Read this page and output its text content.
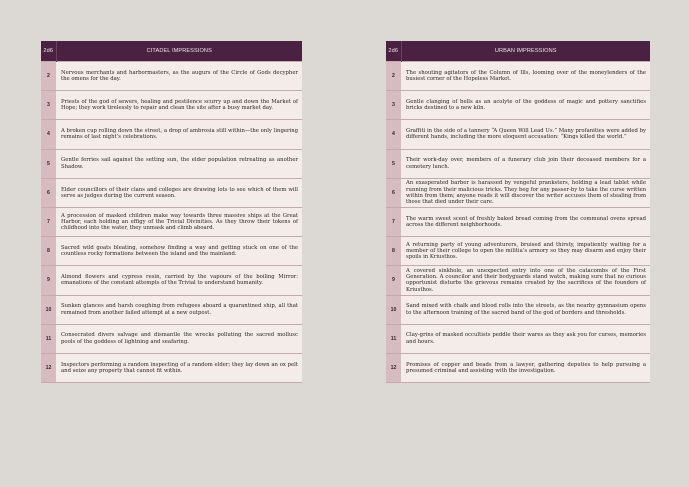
2d6	CITADEL IMPRESSIONS
2	Nervous merchants and harbormasters, as the augurs of the Circle of Gods decypher the omens for the day.
3	Priests of the god of sewers, healing and pestilence scurry up and down the Market of Hope; they work tirelessly to repair and clean the site after a busy market day.
4	A broken cup rolling down the street, a drop of ambrosia still within—the only lingering remains of last night’s celebrations.
5	Gentle ferries sail against the setting sun, the elder population retreating as another Shadow.
6	Elder councillors of their clans and colleges are drawing lots to see which of them will serve as judges during the current season.
7	A procession of masked children make way towards three massive ships at the Great Harbor, each holding an effigy of the Trivial Divinities. As they throw their tokens of childhood into the water, they unmask and climb aboard.
8	Sacred wild goats bleating, somehow finding a way and getting stuck on one of the countless rocky formations between the island and the mainland.
9	Almond flowers and cypress resin, carried by the vapours of the boiling Mirror: emanations of the constant attempts of the Trivial to understand humanity.
10	Sunken glances and harsh coughing from refugees aboard a quarantined ship, all that remained from another failed attempt at a new outpost.
11	Consecrated divers salvage and dismantle the wrecks polluting the sacred mollusc pools of the goddess of lightning and seafaring.
12	Inspectors performing a random inspecting of a random elder; they lay down an ox pelt and seize any property that cannot fit within.
2d6	URBAN IMPRESSIONS
2	The shouting agitators of the Column of Ills, looming over of the moneylenders of the busiest corner of the Hopeless Market.
3	Gentle clanging of bells as an acolyte of the goddess of magic and pottery sanctifies bricks destined to a new kiln.
4	Graffiti in the side of a tannery “A Queen Will Lead Us.” Many profanities were added by different hands, including the more eloquent accusation: “Kings killed the world.”
5	Their work-day over, members of a funerary club join their deceased members for a cemetery lunch.
6	An exasperated barber is harassed by vengeful pranksters, holding a lead tablet while running from their malicious tricks. They beg for any passer-by to take the curse written within from them; anyone reads it will discover the writer accuses them of stealing from those that died under their care.
7	The warm sweet scent of freshly baked bread coming from the communal ovens spread across the different neighborhoods.
8	A returning party of young adventurers, bruised and thirsty, impatiently waiting for a member of their college to open the militia’s armory so they may disarm and enjoy their spoils in Kriusthos.
9	A covered sinkhole, an unexpected entry into one of the catacombs of the First Generation. A councilor and their bodyguards stand watch, making sure that no curious opportunist disturbs the grievous remains created by the sacrifices of the founders of Kriusthos.
10	Sand mixed with chalk and blood rolls into the streets, as the nearby gymnasium opens to the afternoon training of the sacred band of the god of borders and thresholds.
11	Clay-grins of masked occultists peddle their wares as they ask you for curses, memories and hours.
12	Promises of copper and beads from a lawyer, gathering deputies to help pursuing a presumed criminal and assisting with the investigation.
